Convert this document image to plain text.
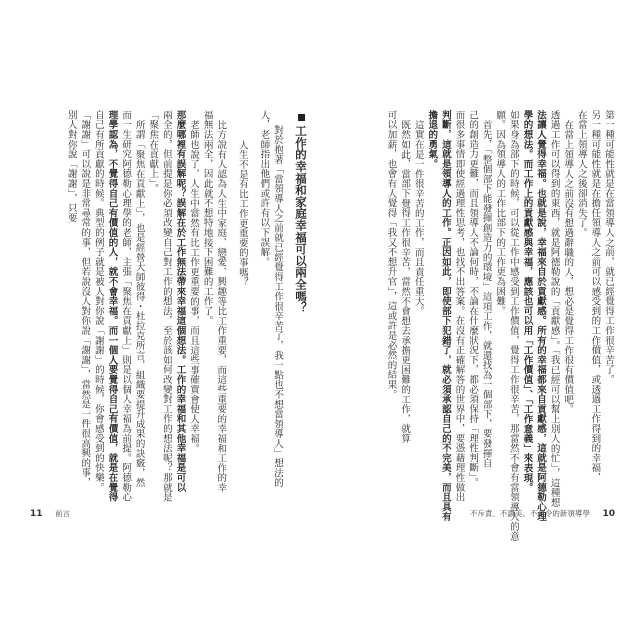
第一種可能性就是在當領導人之前，就已經覺得工作很辛苦了。
另一種可能性就是在擔任領導人之前可以感受到的工作價值，或透過工作得到的幸福，
在當上領導人之後卻消失了。
在當上領導人之前沒有想過辭職的人，想必是覺得工作很有價值吧。
透過工作可以得到的東西，就是阿德勒說的「貢獻感」。「我已經可以幫上別人的忙」，這種想
法讓人覺得幸福。也就是說，幸福來自於貢獻感。所有的幸福都來自貢獻感，這就是阿德勒心理
學的想法。而工作上的貢獻感與幸福，應該也可以用「工作價值」、「工作意義」來表現。
如果身為部下的時候，可以從工作中感受到工作價值，覺得工作很辛苦，那當然不會有當領導人的意
願。因為領導人的工作比部下的工作更為困難。
首先，「整個部下能發揮創造力的環境」這項工作，就還找為一個部下，要發揮自
己的創造力更難，而且領導人不論何時，不論在什麼狀況下，都必須保持「理性判斷」。
而很多事情即使經過理性思考，也找不出答案。在沒有正確解答的世界中，要憑藉理性做出
判斷，這就是領導人的工作。正因如此，即使部下犯錯了，就必須承認自己的不完美，而且具有
擔退的勇氣。
這實在是一件很辛苦的工作，而且責任重大。
既然如此，當部下覺得工作很辛苦，當然不會想去承擔更困難的工作，就算
可以加薪，也會有人覺得「我又不想升官」，這或許是必然的結果。
不斥責、不讚美、不命令的新領導學 10
工作的幸福和家庭幸福可以兩全嗎？
對於抱著「當領導人之前就已經覺得工作很辛苦了，我一點也不想當領導人」想法的
人，老師指出他們或許有以下誤解。
人生不是有比工作更重要的事嗎？
比方說有人認為人生中家庭、戀愛、興趣等比工作重要，而這些重要的幸福和工作的幸
福無法兩全，因此就不想特地接下困難的工作了。
老師也說了，人生中當然有比工作更重要的事，而且這些事確實會使人幸福。
那麼哪裡有誤解呢？誤解在於工作無法帶來幸福這個想法。工作的幸福和其他幸福是可以
兩全的，但前提是你必須改變自己對工作的想法，至於該如何改變對工作的想法呢？那就是
「聚焦在貢獻上」。
所謂「聚焦在貢獻上」，也是經營大師彼得・杜拉克所言，組織要提升成果的訣竅，然
而一生研究阿德勒心理學的老師，主張「聚焦在貢獻上」則是以個人幸福為前提。阿德勒心
理學認為，不覺得自己有價值的人，就不會幸福。而一個人要覺得自己有價值，就是在覺得
自己有所貢獻的時候。典型的例子就是被人對你說「謝謝」的時候，你會感受到的快樂。
「謝謝」可以說是非常尋常的事，但若說沒人對你說「謝謝」，當然是一件很高興的事，
別人對你說「謝謝」，只要
11 前言
